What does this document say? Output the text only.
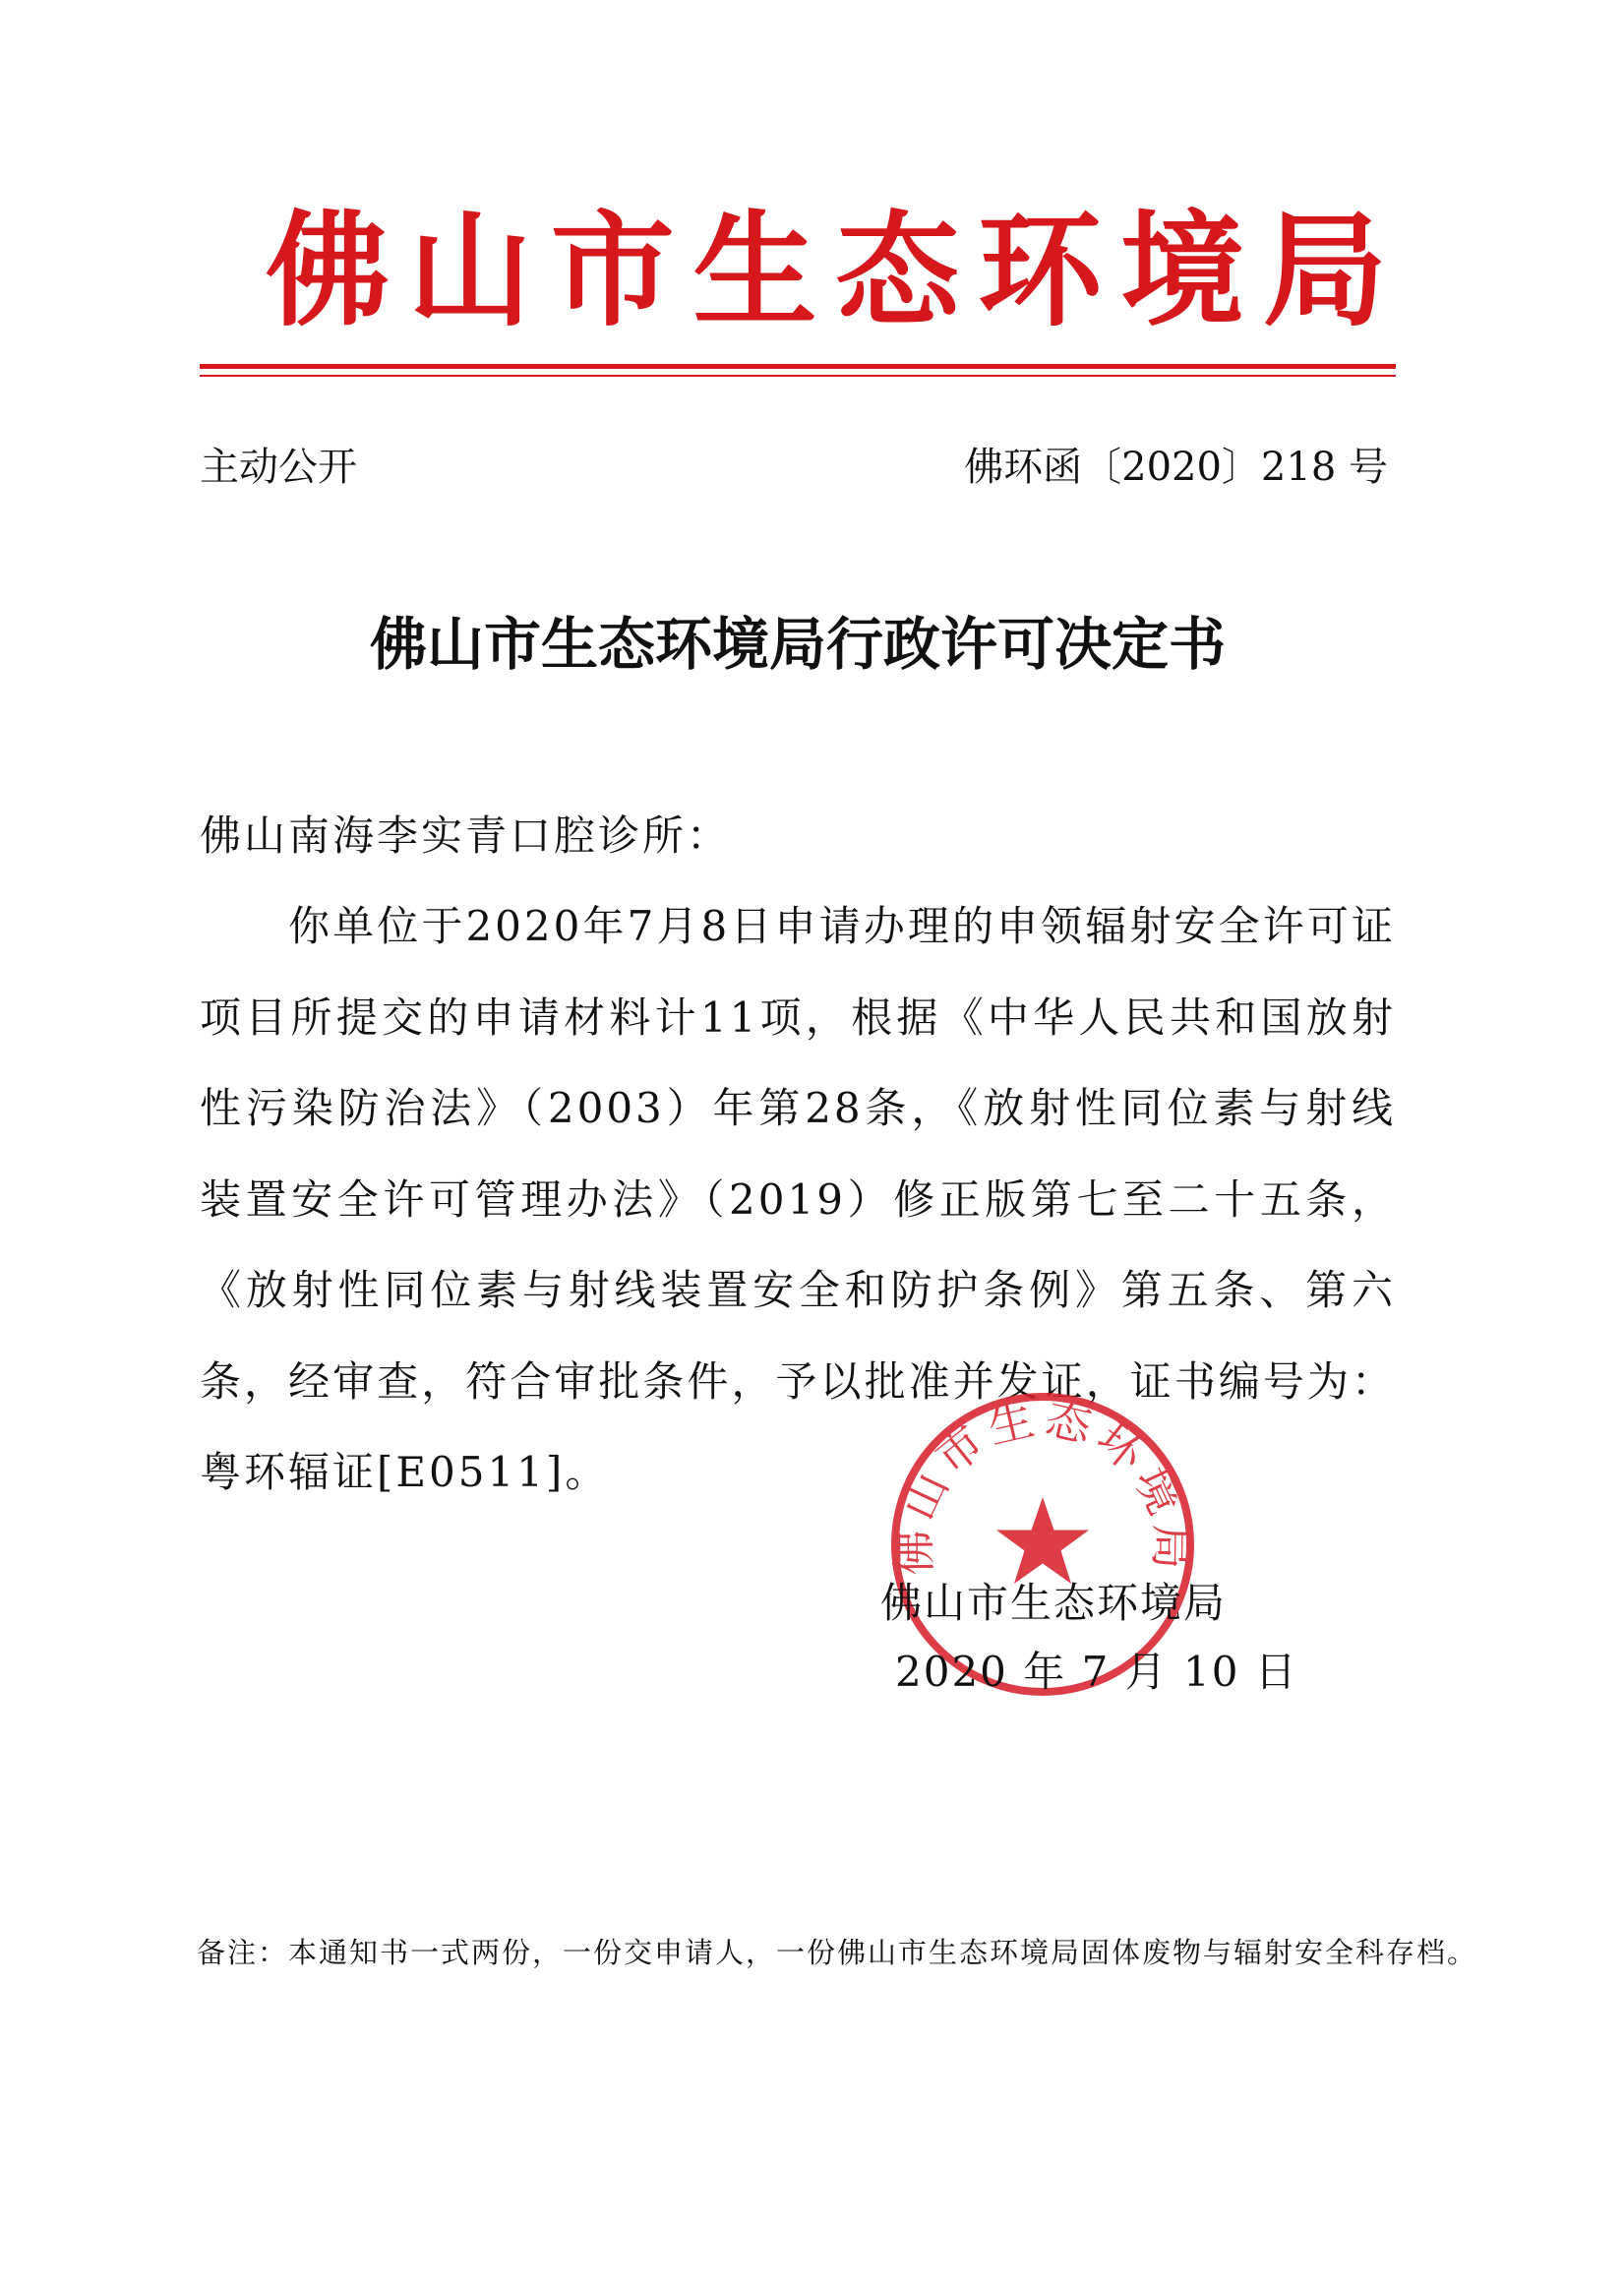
佛 山 市 生 态 环 境 局
主动公开	佛环函〔2020〕218 号
佛山市生态环境局行政许可决定书
佛山南海李实青口腔诊所：

你单位于2020年7月8日申请办理的申领辐射安全许可证项目所提交的申请材料计11项，根据《中华人民共和国放射性污染防治法》（2003）年第28条，《放射性同位素与射线装置安全许可管理办法》（2019）修正版第七至二十五条，《放射性同位素与射线装置安全和防护条例》第五条、第六条，经审查，符合审批条件，予以批准并发证，证书编号为：粤环辐证[E0511]。

佛山市生态环境局
佛山市生态环境局
2020 年 7 月 10 日
备注：本通知书一式两份，一份交申请人，一份佛山市生态环境局固体废物与辐射安全科存档。
